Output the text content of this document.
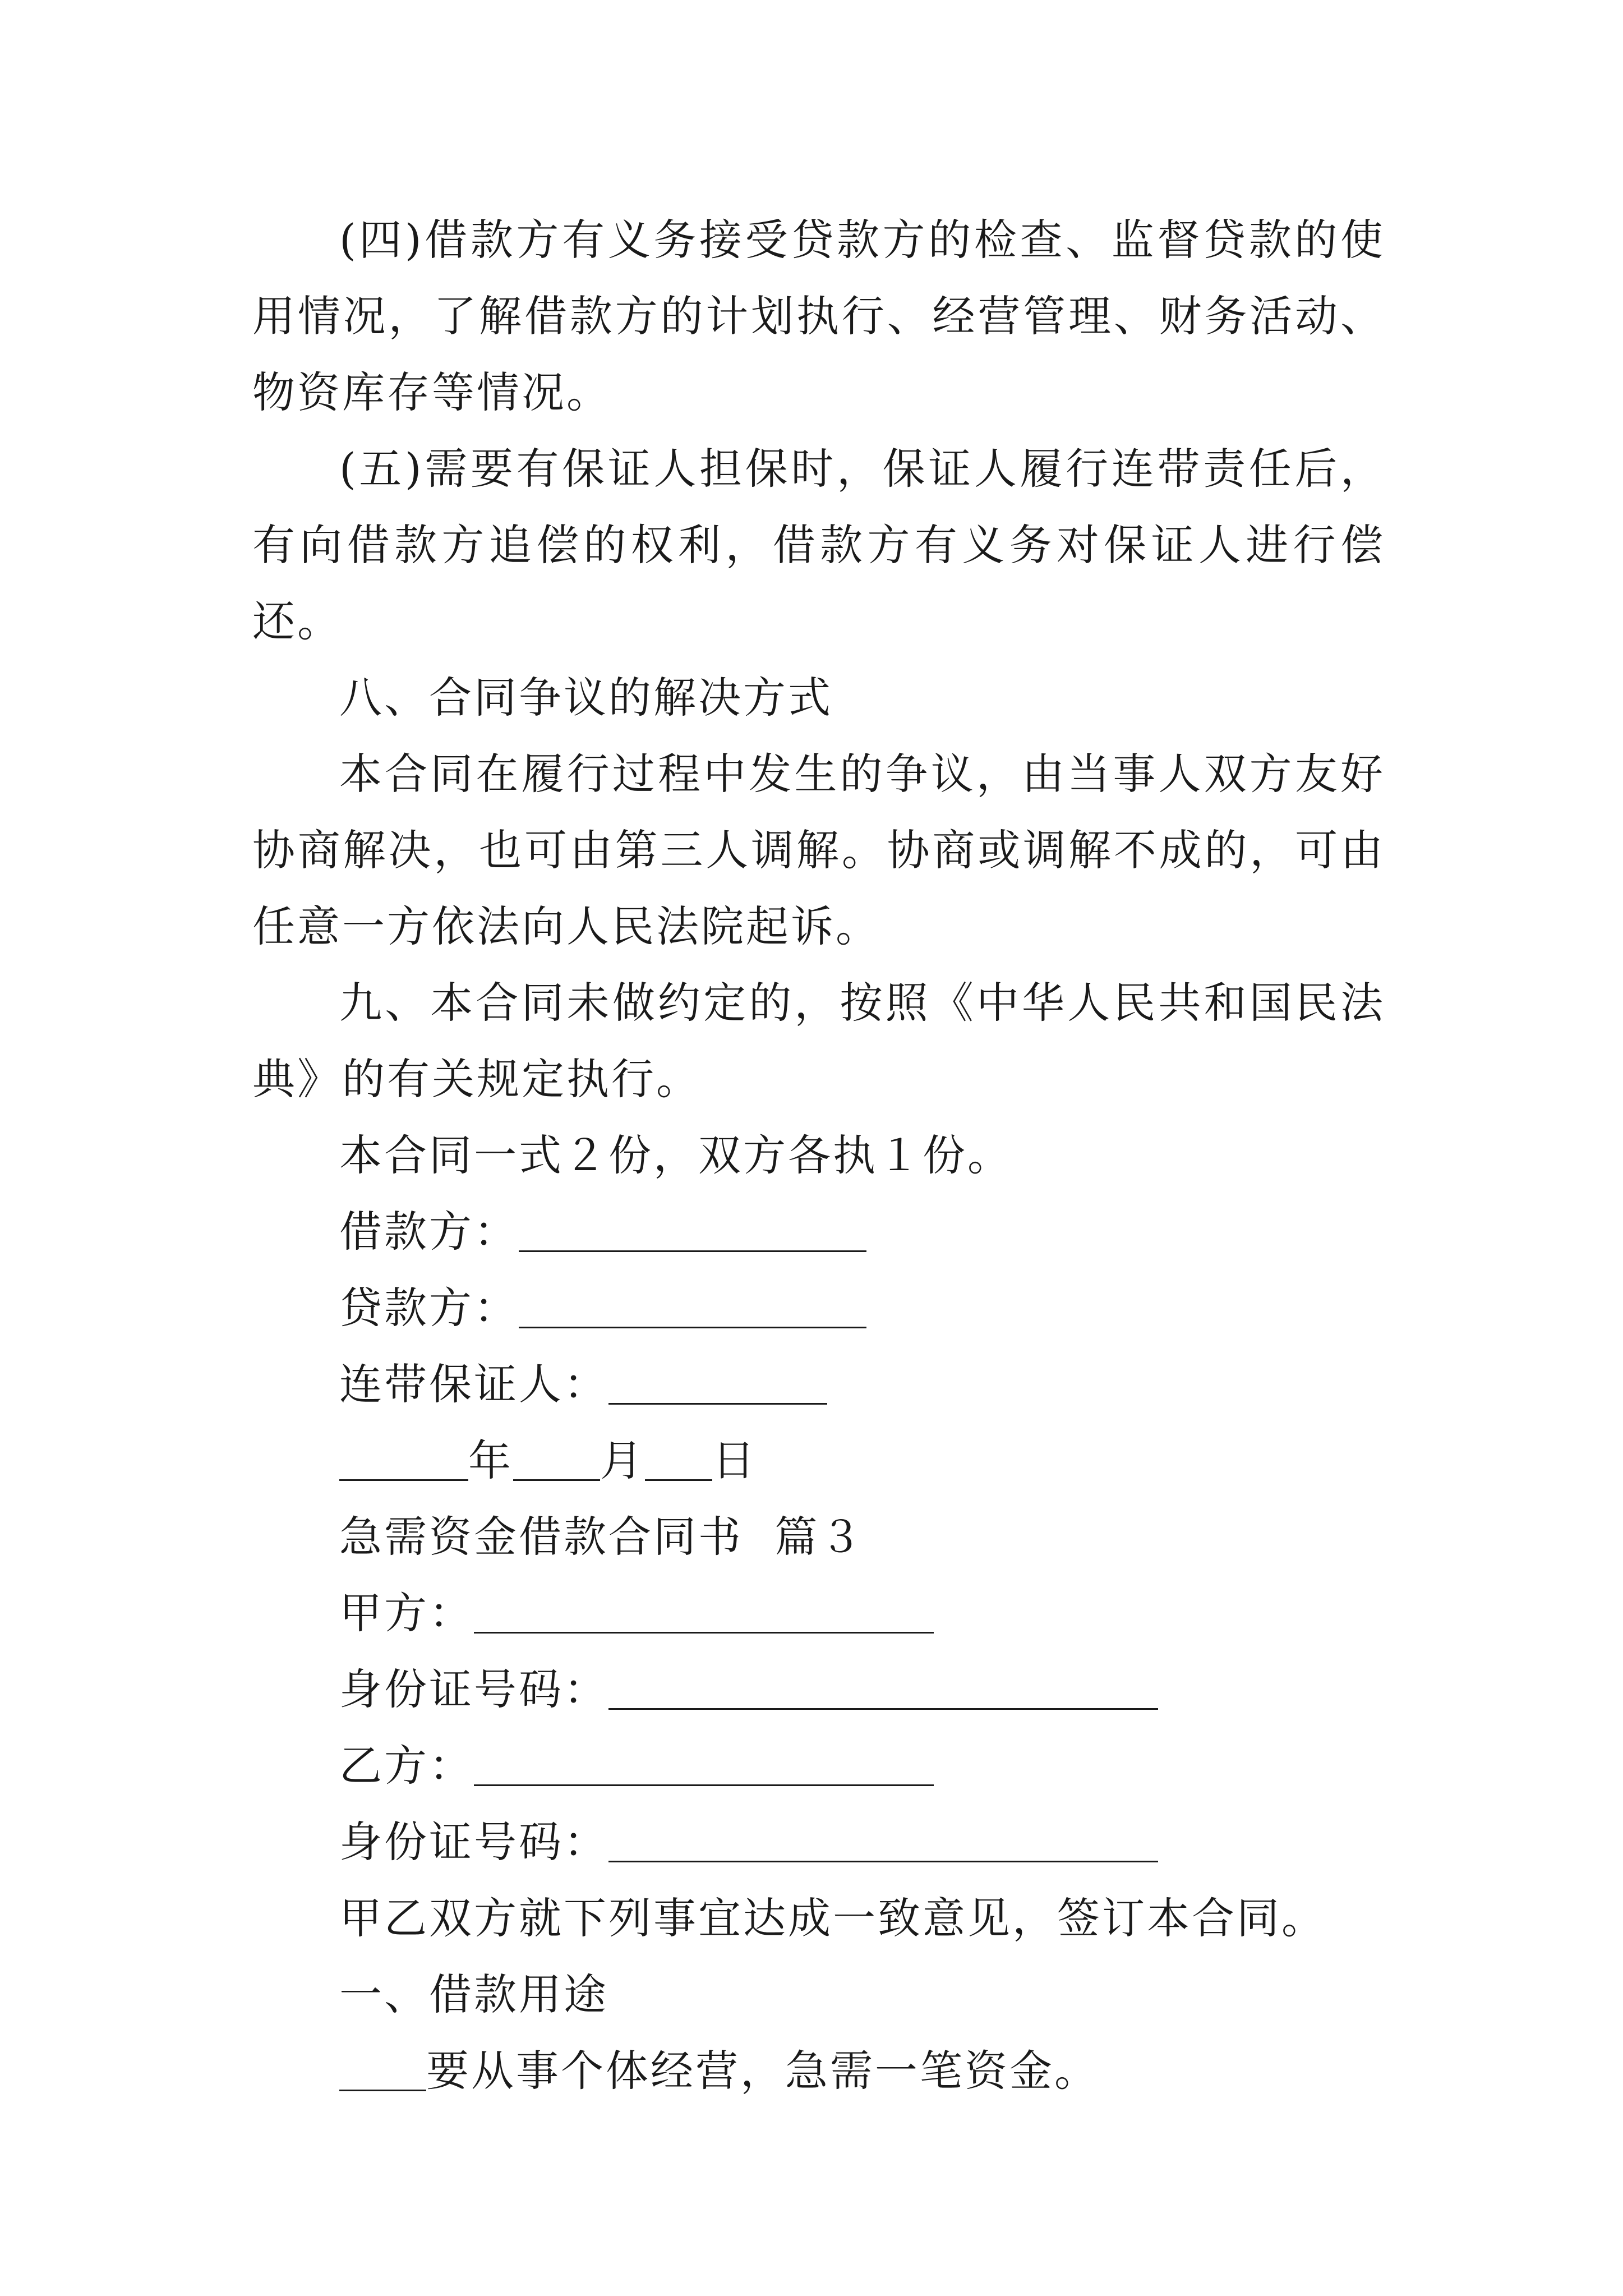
(四)借款方有义务接受贷款方的检查、监督贷款的使用情况，了解借款方的计划执行、经营管理、财务活动、物资库存等情况。

(五)需要有保证人担保时，保证人履行连带责任后，有向借款方追偿的权利，借款方有义务对保证人进行偿还。

八、合同争议的解决方式

本合同在履行过程中发生的争议，由当事人双方友好协商解决，也可由第三人调解。协商或调解不成的，可由任意一方依法向人民法院起诉。

九、本合同未做约定的，按照《中华人民共和国民法典》的有关规定执行。

本合同一式２份，双方各执１份。

借款方：

贷款方：

连带保证人：

年 月 日

急需资金借款合同书  篇３

甲方：

身份证号码：

乙方：

身份证号码：

甲乙双方就下列事宜达成一致意见，签订本合同。

一、借款用途

要从事个体经营，急需一笔资金。
